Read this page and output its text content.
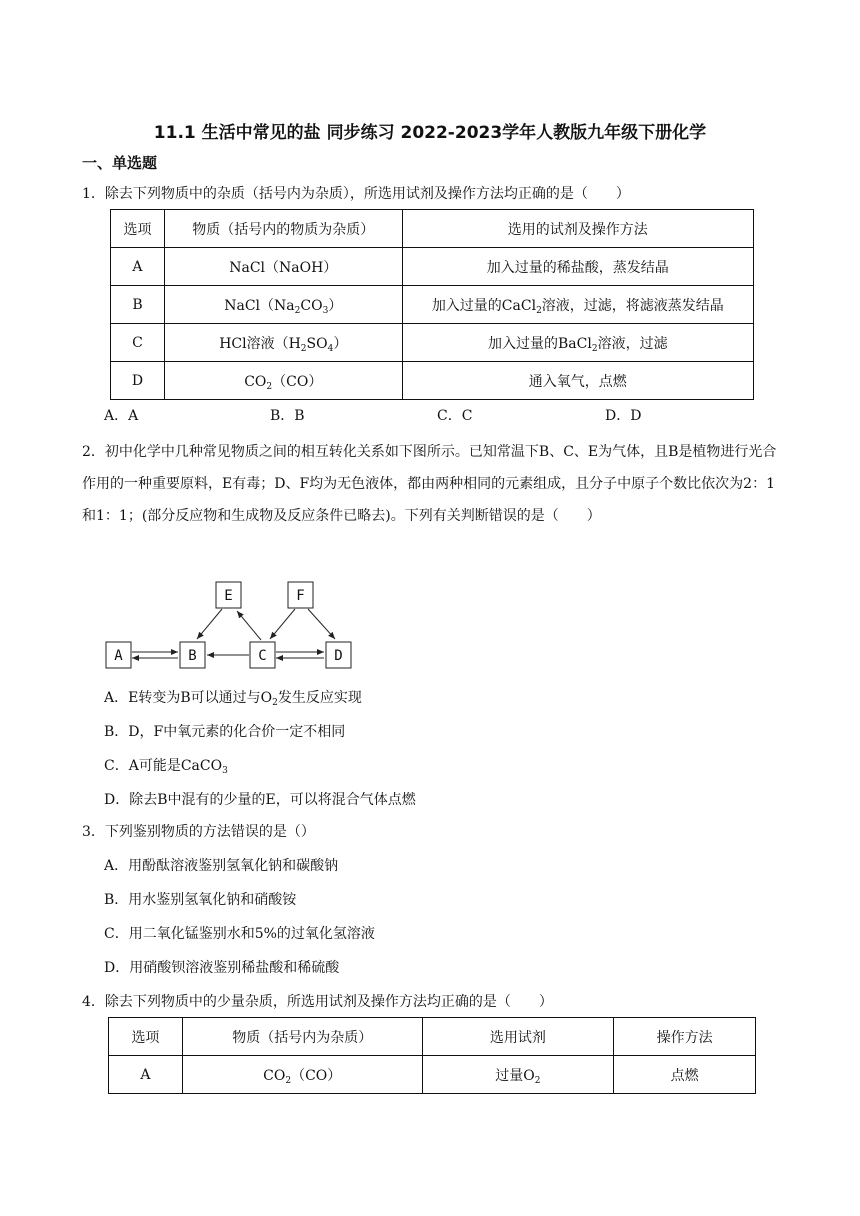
11.1 生活中常见的盐 同步练习 2022-2023学年人教版九年级下册化学
一、单选题
1．除去下列物质中的杂质（括号内为杂质），所选用试剂及操作方法均正确的是（　　）
选项	物质（括号内的物质为杂质）	选用的试剂及操作方法
A	NaCl（NaOH）	加入过量的稀盐酸，蒸发结晶
B	$NaCl(Na_2CO_3)$	加入过量的CaCl$_2$溶液，过滤，将滤液蒸发结晶
C	HCl溶液$(H_2SO_4)$	加入过量的BaCl$_2$溶液，过滤
D	$CO_2(CO)$	通入氧气，点燃
A．A	B．B	C．C	D．D
2．初中化学中几种常见物质之间的相互转化关系如下图所示。已知常温下B、C、E为气体，且B是植物进行光合作用的一种重要原料，E有毒；D、F均为无色液体，都由两种相同的元素组成，且分子中原子个数比依次为2：1和1：1；(部分反应物和生成物及反应条件已略去)。下列有关判断错误的是（　　）
A	B	C	D
E	F
A．E转变为B可以通过与$O_2$发生反应实现
B．D，F中氧元素的化合价一定不相同
C．A可能是CaCO$_3$
D．除去B中混有的少量的E，可以将混合气体点燃
3．下列鉴别物质的方法错误的是（）
A．用酚酞溶液鉴别氢氧化钠和碳酸钠
B．用水鉴别氢氧化钠和硝酸铵
C．用二氧化锰鉴别水和5%的过氧化氢溶液
D．用硝酸钡溶液鉴别稀盐酸和稀硫酸
4．除去下列物质中的少量杂质，所选用试剂及操作方法均正确的是（　　）
选项	物质（括号内为杂质）	选用试剂	操作方法
A	$CO_2(CO)$	过量$O_2$	点燃
